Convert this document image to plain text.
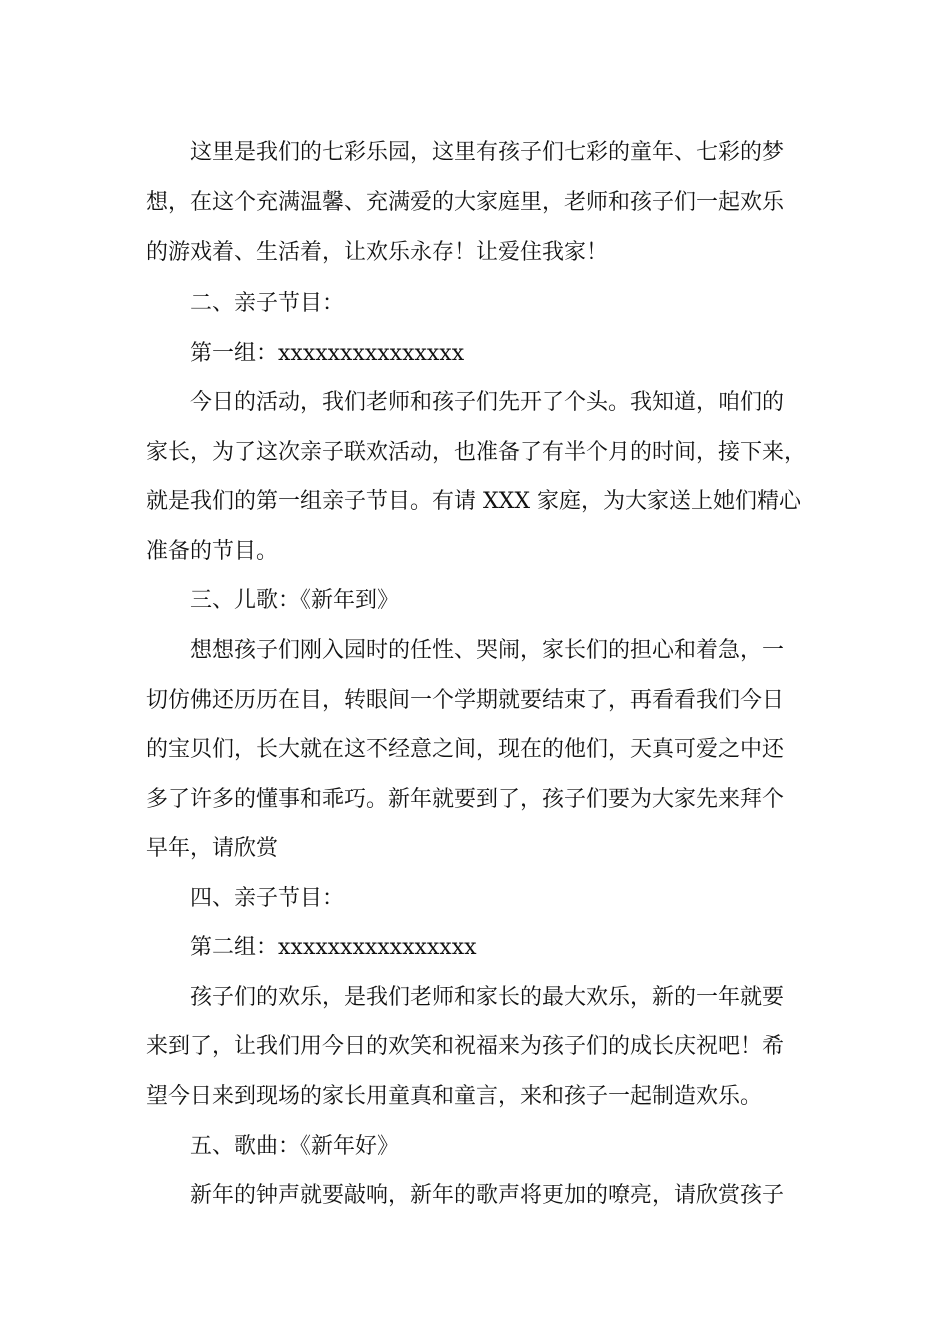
这里是我们的七彩乐园，这里有孩子们七彩的童年、七彩的梦

想，在这个充满温馨、充满爱的大家庭里，老师和孩子们一起欢乐

的游戏着、生活着，让欢乐永存！让爱住我家！

二、亲子节目：

第一组：xxxxxxxxxxxxxxx

今日的活动，我们老师和孩子们先开了个头。我知道，咱们的

家长，为了这次亲子联欢活动，也准备了有半个月的时间，接下来，

就是我们的第一组亲子节目。有请 XXX 家庭，为大家送上她们精心

准备的节目。

三、儿歌：《新年到》

想想孩子们刚入园时的任性、哭闹，家长们的担心和着急，一

切仿佛还历历在目，转眼间一个学期就要结束了，再看看我们今日

的宝贝们，长大就在这不经意之间，现在的他们，天真可爱之中还

多了许多的懂事和乖巧。新年就要到了，孩子们要为大家先来拜个

早年，请欣赏

四、亲子节目：

第二组：xxxxxxxxxxxxxxxx

孩子们的欢乐，是我们老师和家长的最大欢乐，新的一年就要

来到了，让我们用今日的欢笑和祝福来为孩子们的成长庆祝吧！希

望今日来到现场的家长用童真和童言，来和孩子一起制造欢乐。

五、歌曲：《新年好》

新年的钟声就要敲响，新年的歌声将更加的嘹亮，请欣赏孩子
